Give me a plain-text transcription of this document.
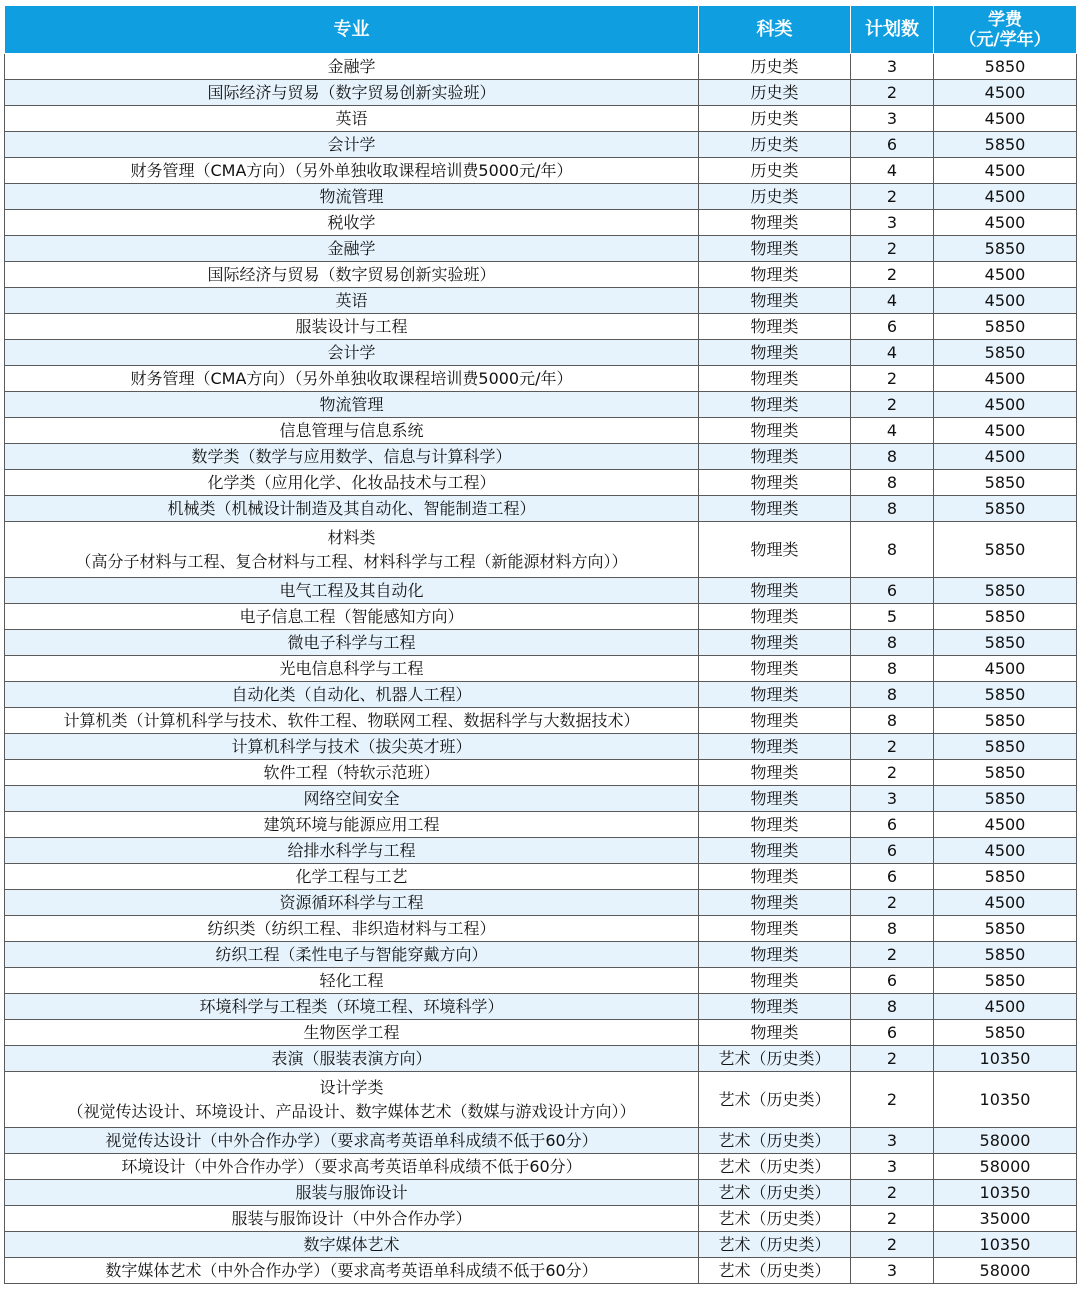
专业	科类	计划数	学费
（元/学年）

金融学	历史类	3	5850

国际经济与贸易（数字贸易创新实验班）	历史类	2	4500

英语	历史类	3	4500

会计学	历史类	6	5850

财务管理（CMA方向）（另外单独收取课程培训费5000元/年）	历史类	4	4500

物流管理	历史类	2	4500

税收学	物理类	3	4500

金融学	物理类	2	5850

国际经济与贸易（数字贸易创新实验班）	物理类	2	4500

英语	物理类	4	4500

服装设计与工程	物理类	6	5850

会计学	物理类	4	5850

财务管理（CMA方向）（另外单独收取课程培训费5000元/年）	物理类	2	4500

物流管理	物理类	2	4500

信息管理与信息系统	物理类	4	4500

数学类（数学与应用数学、信息与计算科学）	物理类	8	4500

化学类（应用化学、化妆品技术与工程）	物理类	8	5850

机械类（机械设计制造及其自动化、智能制造工程）	物理类	8	5850

材料类
（高分子材料与工程、复合材料与工程、材料科学与工程（新能源材料方向））	物理类	8	5850

电气工程及其自动化	物理类	6	5850

电子信息工程（智能感知方向）	物理类	5	5850

微电子科学与工程	物理类	8	5850

光电信息科学与工程	物理类	8	4500

自动化类（自动化、机器人工程）	物理类	8	5850

计算机类（计算机科学与技术、软件工程、物联网工程、数据科学与大数据技术）	物理类	8	5850

计算机科学与技术（拔尖英才班）	物理类	2	5850

软件工程（特软示范班）	物理类	2	5850

网络空间安全	物理类	3	5850

建筑环境与能源应用工程	物理类	6	4500

给排水科学与工程	物理类	6	4500

化学工程与工艺	物理类	6	5850

资源循环科学与工程	物理类	2	4500

纺织类（纺织工程、非织造材料与工程）	物理类	8	5850

纺织工程（柔性电子与智能穿戴方向）	物理类	2	5850

轻化工程	物理类	6	5850

环境科学与工程类（环境工程、环境科学）	物理类	8	4500

生物医学工程	物理类	6	5850

表演（服装表演方向）	艺术（历史类）	2	10350

设计学类
（视觉传达设计、环境设计、产品设计、数字媒体艺术（数媒与游戏设计方向））	艺术（历史类）	2	10350

视觉传达设计（中外合作办学）（要求高考英语单科成绩不低于60分）	艺术（历史类）	3	58000

环境设计（中外合作办学）（要求高考英语单科成绩不低于60分）	艺术（历史类）	3	58000

服装与服饰设计	艺术（历史类）	2	10350

服装与服饰设计（中外合作办学）	艺术（历史类）	2	35000

数字媒体艺术	艺术（历史类）	2	10350

数字媒体艺术（中外合作办学）（要求高考英语单科成绩不低于60分）	艺术（历史类）	3	58000
